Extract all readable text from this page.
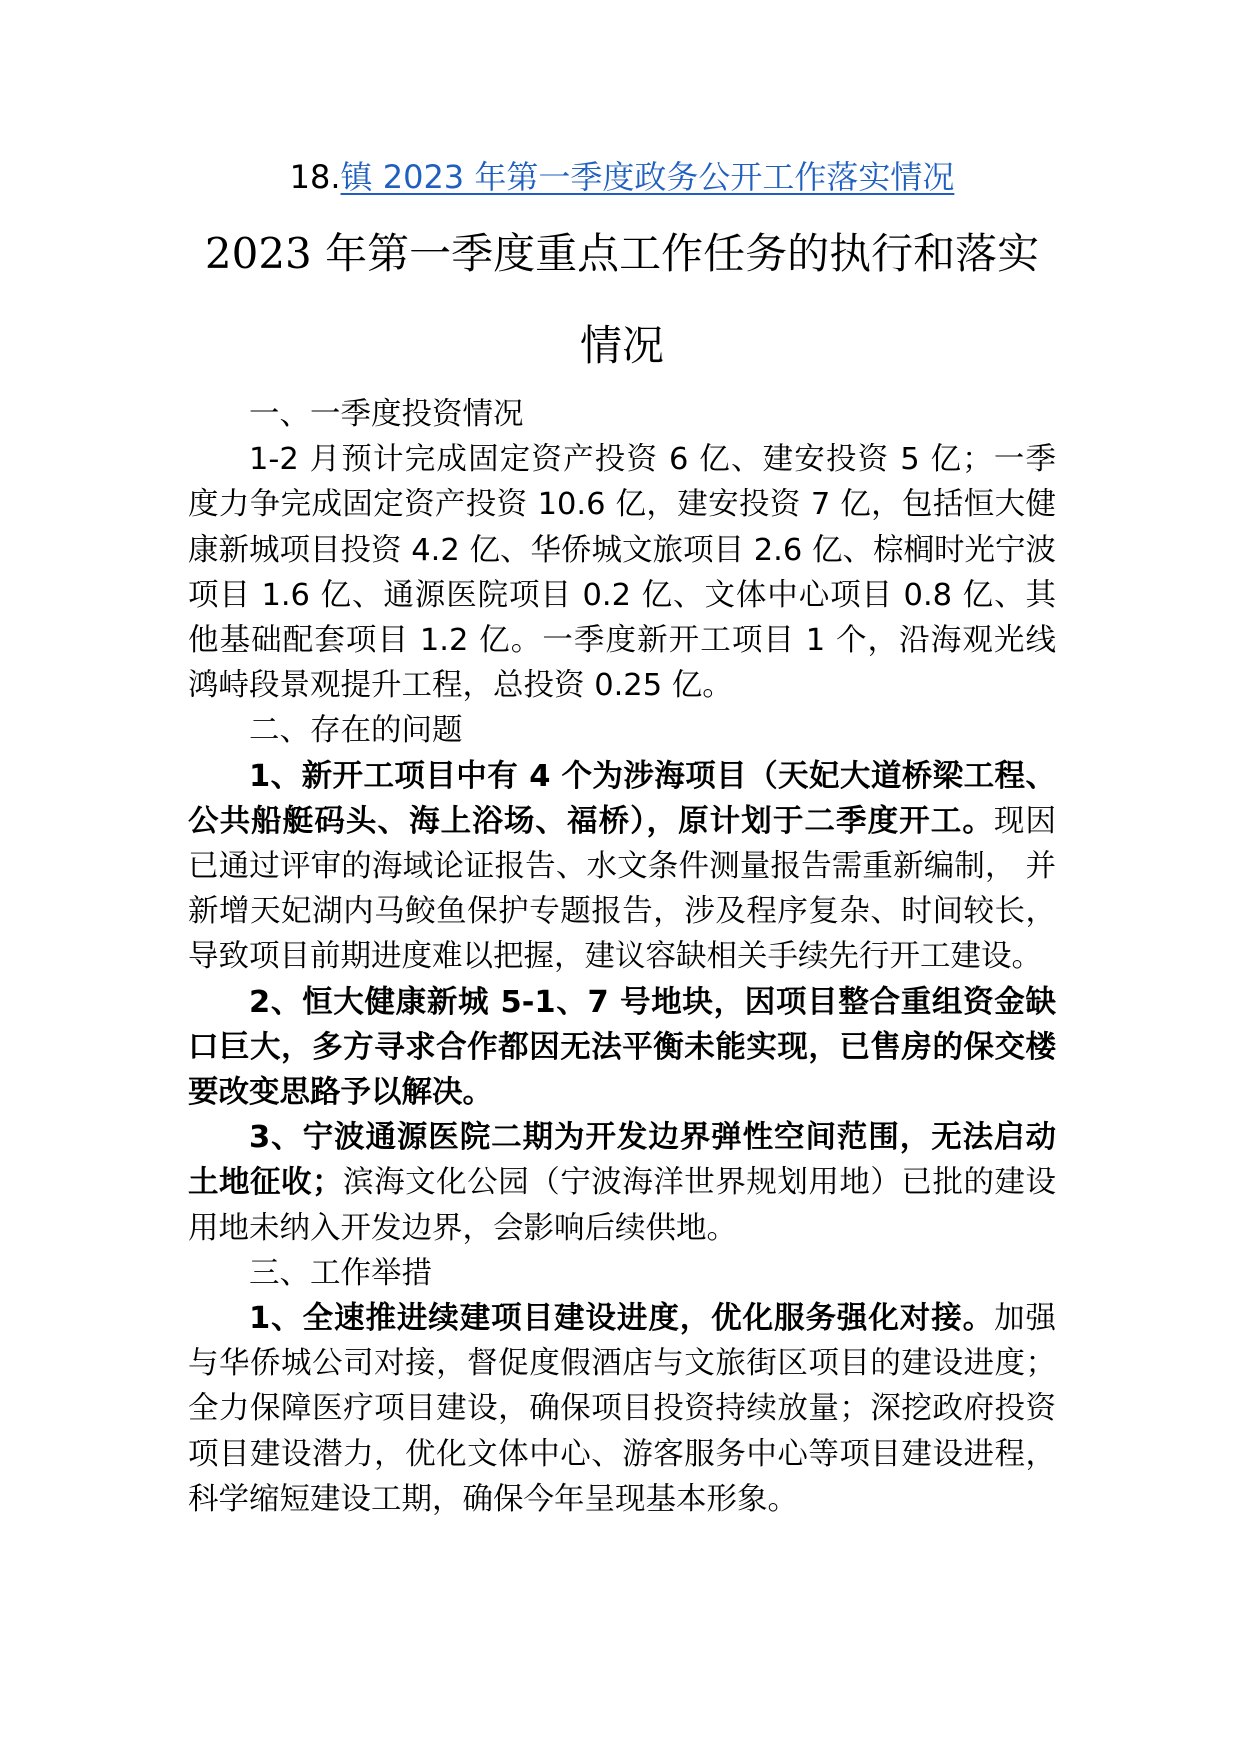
18.镇 2023 年第一季度政务公开工作落实情况

2023 年第一季度重点工作任务的执行和落实情况

一、一季度投资情况

1-2 月预计完成固定资产投资 6 亿、建安投资 5 亿；一季度力争完成固定资产投资 10.6 亿，建安投资 7 亿，包括恒大健康新城项目投资 4.2 亿、华侨城文旅项目 2.6 亿、棕榈时光宁波项目 1.6 亿、通源医院项目 0.2 亿、文体中心项目 0.8 亿、其他基础配套项目 1.2 亿。一季度新开工项目 1 个，沿海观光线鸿峙段景观提升工程，总投资 0.25 亿。

二、存在的问题

1、新开工项目中有 4 个为涉海项目（天妃大道桥梁工程、公共船艇码头、海上浴场、福桥），原计划于二季度开工。现因已通过评审的海域论证报告、水文条件测量报告需重新编制， 并新增天妃湖内马鲛鱼保护专题报告，涉及程序复杂、时间较长，导致项目前期进度难以把握，建议容缺相关手续先行开工建设。

2、恒大健康新城 5-1、7 号地块，因项目整合重组资金缺口巨大，多方寻求合作都因无法平衡未能实现，已售房的保交楼要改变思路予以解决。

3、宁波通源医院二期为开发边界弹性空间范围，无法启动土地征收；滨海文化公园（宁波海洋世界规划用地）已批的建设用地未纳入开发边界，会影响后续供地。

三、工作举措

1、全速推进续建项目建设进度，优化服务强化对接。加强与华侨城公司对接，督促度假酒店与文旅街区项目的建设进度；全力保障医疗项目建设，确保项目投资持续放量；深挖政府投资项目建设潜力，优化文体中心、游客服务中心等项目建设进程，科学缩短建设工期，确保今年呈现基本形象。
